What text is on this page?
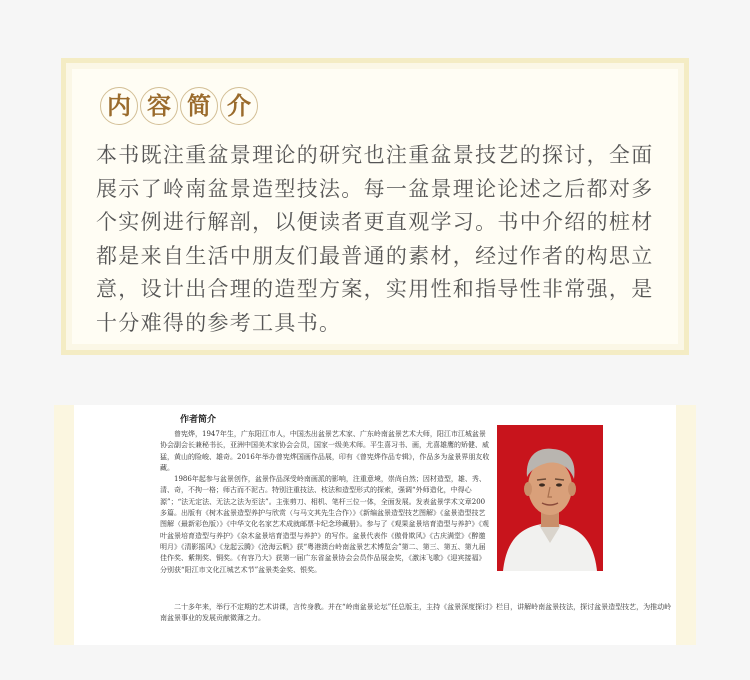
内 容 简 介

本书既注重盆景理论的研究也注重盆景技艺的探讨，全面展示了岭南盆景造型技法。每一盆景理论论述之后都对多个实例进行解剖，以便读者更直观学习。书中介绍的桩材都是来自生活中朋友们最普通的素材，经过作者的构思立意，设计出合理的造型方案，实用性和指导性非常强，是十分难得的参考工具书。

作者简介

曾宪烨，1947年生，广东阳江市人，中国杰出盆景艺术家、广东岭南盆景艺术大师，阳江市江城盆景协会副会长兼秘书长，亚洲中国美术家协会会员，国家一级美术师。平生喜习书、画，尤喜雄鹰的矫健、威猛，黄山的险峻、雄奇。2016年举办曾宪烨国画作品展，印有《曾宪烨作品专辑》，作品多为盆景界朋友收藏。

1986年起参与盆景创作，盆景作品深受岭南画派的影响，注重意境，崇尚自然；因材造型，雄、秀、清、奇，不拘一格；师古而不泥古。特别注重技法、枝法和造型形式的探索，强调“外师造化，中得心源”；“法无定法、无法之法为至法”。主张剪刀、相机、笔杆三位一体，全面发展。发表盆景学术文章200多篇。出版有《树木盆景造型养护与欣赏（与马文其先生合作）》《新编盆景造型技艺图解》《盆景造型技艺图解（最新彩色版）》《中华文化名家艺术成就邮票卡纪念珍藏册》。参与了《观果盆景培育造型与养护》《观叶盆景培育造型与养护》《杂木盆景培育造型与养护》的写作。盆景代表作《傲骨欺风》《古庆满堂》《醉邀明月》《清影摇风》《龙起云腾》《沧海云帆》获“粤港澳台岭南盆景艺术博览会”第二、第三、第五、第九届佳作奖、紫荆奖、铜奖。《有容乃大》获第一届广东省盆景协会会员作品展金奖，《激沫飞歌》《迎宾接福》分别获“阳江市文化江城艺术节”盆景类金奖、银奖。

二十多年来，举行不定期的艺术讲课，言传身教。并在“岭南盆景论坛”任总版主，主持《盆景深度探讨》栏目，讲解岭南盆景技法，探讨盆景造型技艺，为推动岭南盆景事业的发展贡献微薄之力。
